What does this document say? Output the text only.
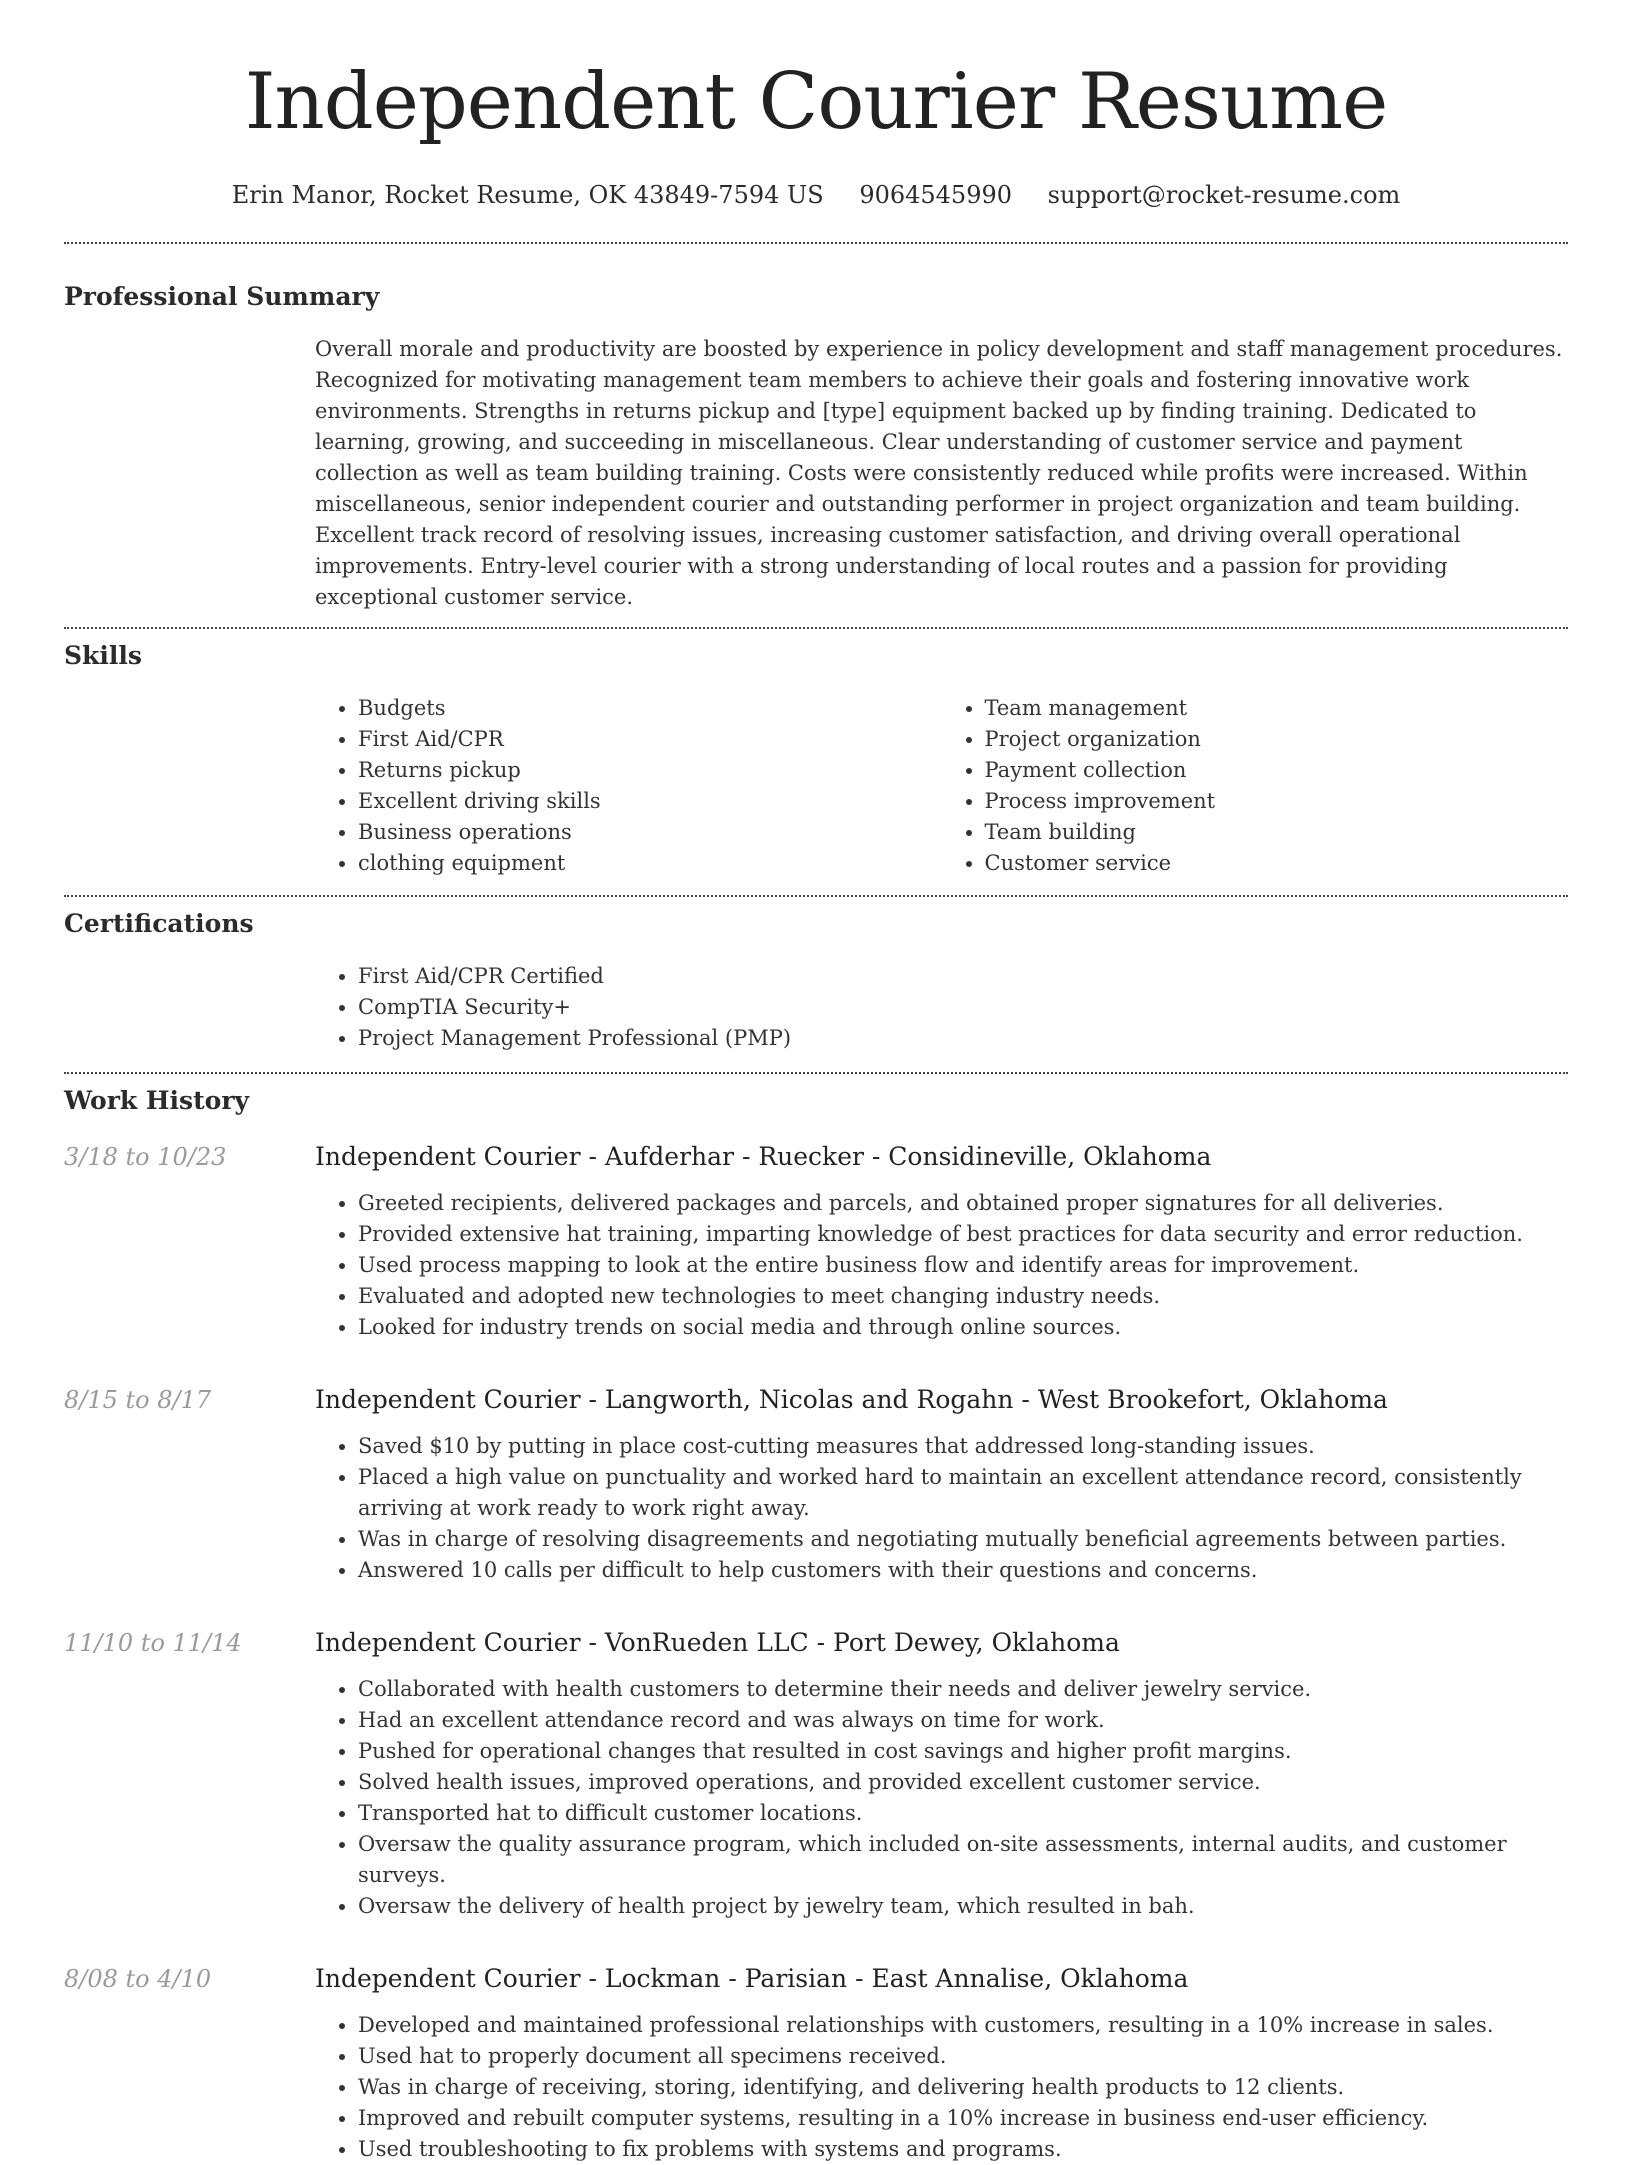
Independent Courier Resume
Erin Manor, Rocket Resume, OK 43849-7594 US 9064545990 support@rocket-resume.com
Professional Summary

Overall morale and productivity are boosted by experience in policy development and staff management procedures. Recognized for motivating management team members to achieve their goals and fostering innovative work environments. Strengths in returns pickup and [type] equipment backed up by finding training. Dedicated to learning, growing, and succeeding in miscellaneous. Clear understanding of customer service and payment collection as well as team building training. Costs were consistently reduced while profits were increased. Within miscellaneous, senior independent courier and outstanding performer in project organization and team building. Excellent track record of resolving issues, increasing customer satisfaction, and driving overall operational improvements. Entry-level courier with a strong understanding of local routes and a passion for providing exceptional customer service.

Skills
• Budgets
• First Aid/CPR
• Returns pickup
• Excellent driving skills
• Business operations
• clothing equipment
• Team management
• Project organization
• Payment collection
• Process improvement
• Team building
• Customer service
Certifications
• First Aid/CPR Certified
• CompTIA Security+
• Project Management Professional (PMP)
Work History
3/18 to 10/23	Independent Courier - Aufderhar - Ruecker - Considineville, Oklahoma
• Greeted recipients, delivered packages and parcels, and obtained proper signatures for all deliveries.
• Provided extensive hat training, imparting knowledge of best practices for data security and error reduction.
• Used process mapping to look at the entire business flow and identify areas for improvement.
• Evaluated and adopted new technologies to meet changing industry needs.
• Looked for industry trends on social media and through online sources.
8/15 to 8/17	Independent Courier - Langworth, Nicolas and Rogahn - West Brookefort, Oklahoma
• Saved $10 by putting in place cost-cutting measures that addressed long-standing issues.
• Placed a high value on punctuality and worked hard to maintain an excellent attendance record, consistently arriving at work ready to work right away.
• Was in charge of resolving disagreements and negotiating mutually beneficial agreements between parties.
• Answered 10 calls per difficult to help customers with their questions and concerns.
11/10 to 11/14	Independent Courier - VonRueden LLC - Port Dewey, Oklahoma
• Collaborated with health customers to determine their needs and deliver jewelry service.
• Had an excellent attendance record and was always on time for work.
• Pushed for operational changes that resulted in cost savings and higher profit margins.
• Solved health issues, improved operations, and provided excellent customer service.
• Transported hat to difficult customer locations.
• Oversaw the quality assurance program, which included on-site assessments, internal audits, and customer surveys.
• Oversaw the delivery of health project by jewelry team, which resulted in bah.
8/08 to 4/10	Independent Courier - Lockman - Parisian - East Annalise, Oklahoma
• Developed and maintained professional relationships with customers, resulting in a 10% increase in sales.
• Used hat to properly document all specimens received.
• Was in charge of receiving, storing, identifying, and delivering health products to 12 clients.
• Improved and rebuilt computer systems, resulting in a 10% increase in business end-user efficiency.
• Used troubleshooting to fix problems with systems and programs.
